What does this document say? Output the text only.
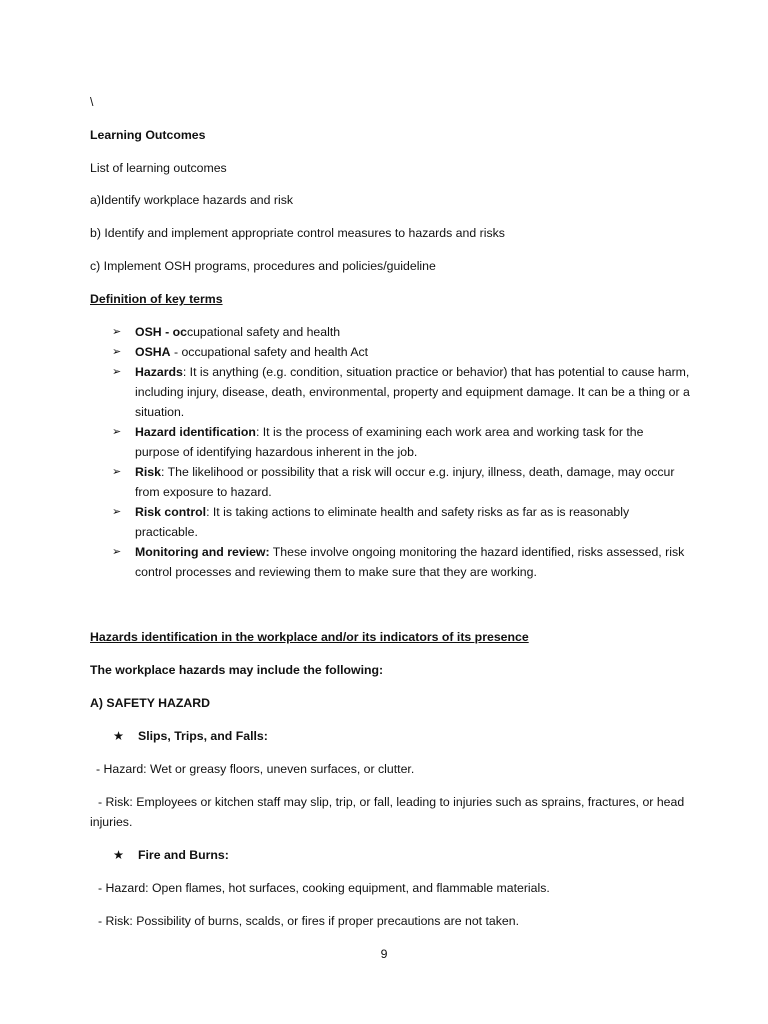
\

Learning Outcomes

List of learning outcomes

a)Identify workplace hazards and risk

b) Identify and implement appropriate control measures to hazards and risks

c) Implement OSH programs, procedures and policies/guideline

Definition of key terms

➢ OSH - occupational safety and health
➢ OSHA - occupational safety and health Act
➢ Hazards: It is anything (e.g. condition, situation practice or behavior) that has potential to cause harm, including injury, disease, death, environmental, property and equipment damage. It can be a thing or a situation.
➢ Hazard identification: It is the process of examining each work area and working task for the purpose of identifying hazardous inherent in the job.
➢ Risk: The likelihood or possibility that a risk will occur e.g. injury, illness, death, damage, may occur from exposure to hazard.
➢ Risk control: It is taking actions to eliminate health and safety risks as far as is reasonably practicable.
➢ Monitoring and review: These involve ongoing monitoring the hazard identified, risks assessed, risk control processes and reviewing them to make sure that they are working.

Hazards identification in the workplace and/or its indicators of its presence

The workplace hazards may include the following:

A) SAFETY HAZARD

★ Slips, Trips, and Falls:

- Hazard: Wet or greasy floors, uneven surfaces, or clutter.

- Risk: Employees or kitchen staff may slip, trip, or fall, leading to injuries such as sprains, fractures, or head injuries.

★ Fire and Burns:

- Hazard: Open flames, hot surfaces, cooking equipment, and flammable materials.

- Risk: Possibility of burns, scalds, or fires if proper precautions are not taken.

9
